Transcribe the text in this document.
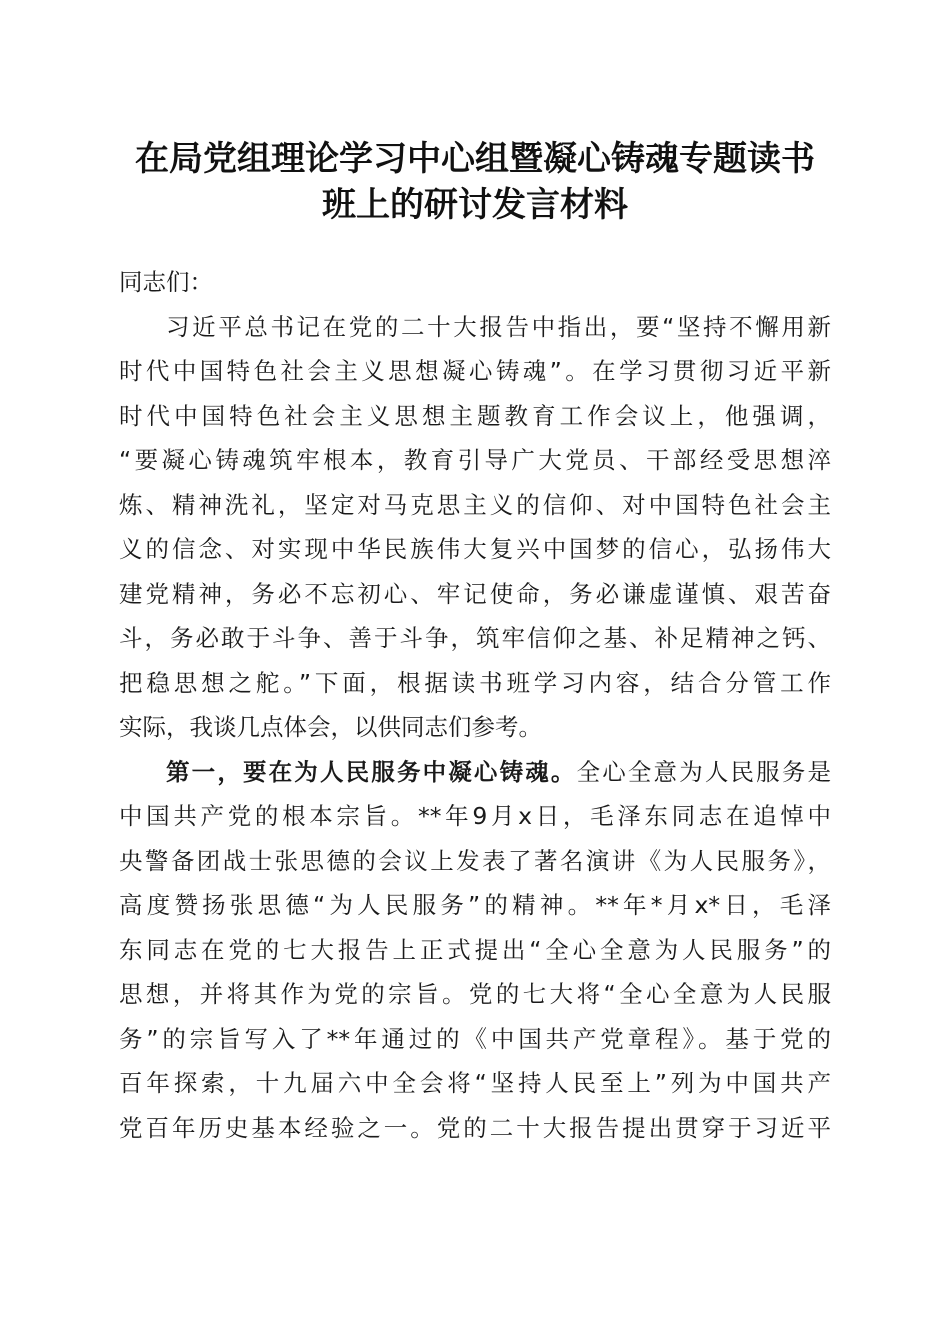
在局党组理论学习中心组暨凝心铸魂专题读书
班上的研讨发言材料
同志们：
习近平总书记在党的二十大报告中指出，要“坚持不懈用新
时代中国特色社会主义思想凝心铸魂”。在学习贯彻习近平新
时代中国特色社会主义思想主题教育工作会议上，他强调，
“要凝心铸魂筑牢根本，教育引导广大党员、干部经受思想淬
炼、精神洗礼，坚定对马克思主义的信仰、对中国特色社会主
义的信念、对实现中华民族伟大复兴中国梦的信心，弘扬伟大
建党精神，务必不忘初心、牢记使命，务必谦虚谨慎、艰苦奋
斗，务必敢于斗争、善于斗争，筑牢信仰之基、补足精神之钙、
把稳思想之舵。”下面，根据读书班学习内容，结合分管工作
实际，我谈几点体会，以供同志们参考。
第一，要在为人民服务中凝心铸魂。全心全意为人民服务是
中国共产党的根本宗旨。**年9月x日，毛泽东同志在追悼中
央警备团战士张思德的会议上发表了著名演讲《为人民服务》，
高度赞扬张思德“为人民服务”的精神。**年*月x*日，毛泽
东同志在党的七大报告上正式提出“全心全意为人民服务”的
思想，并将其作为党的宗旨。党的七大将“全心全意为人民服
务”的宗旨写入了**年通过的《中国共产党章程》。基于党的
百年探索，十九届六中全会将“坚持人民至上”列为中国共产
党百年历史基本经验之一。党的二十大报告提出贯穿于习近平
